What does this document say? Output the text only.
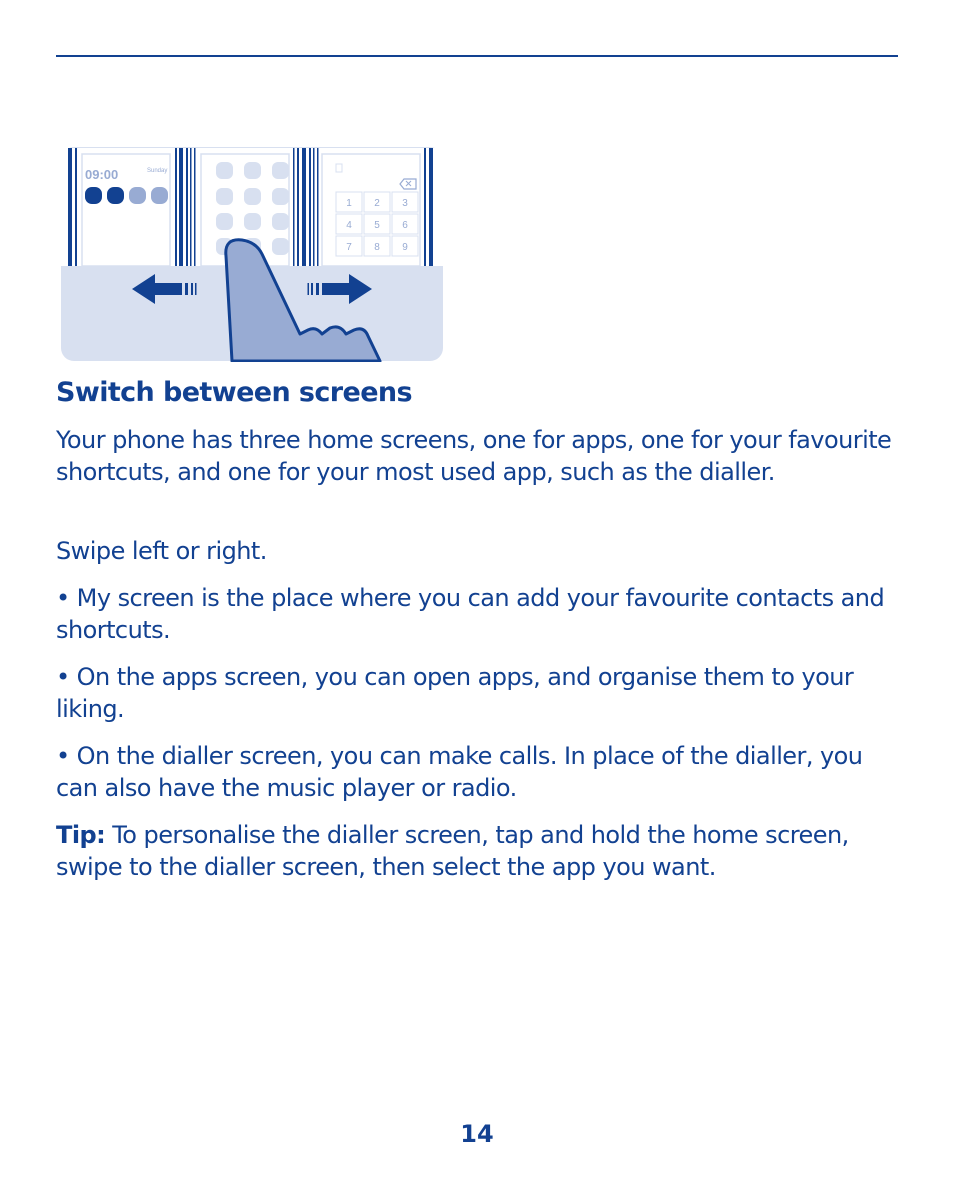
09:00	Sunday
1 2 3
4 5 6
7 8 9
Switch between screens

Your phone has three home screens, one for apps, one for your favourite shortcuts, and one for your most used app, such as the dialler.

Swipe left or right.

• My screen is the place where you can add your favourite contacts and shortcuts.

• On the apps screen, you can open apps, and organise them to your liking.

• On the dialler screen, you can make calls. In place of the dialler, you can also have the music player or radio.

Tip: To personalise the dialler screen, tap and hold the home screen, swipe to the dialler screen, then select the app you want.

14
